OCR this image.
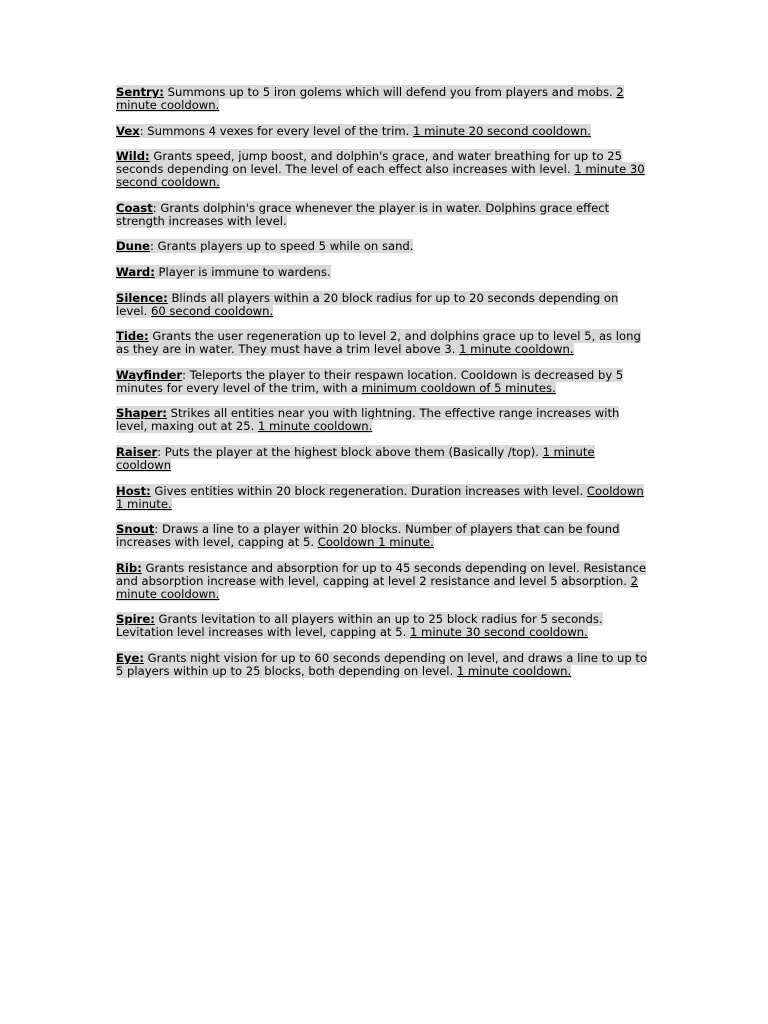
Sentry: Summons up to 5 iron golems which will defend you from players and mobs. 2 minute cooldown.

Vex: Summons 4 vexes for every level of the trim. 1 minute 20 second cooldown.

Wild: Grants speed, jump boost, and dolphin's grace, and water breathing for up to 25 seconds depending on level. The level of each effect also increases with level. 1 minute 30 second cooldown.

Coast: Grants dolphin's grace whenever the player is in water. Dolphins grace effect strength increases with level.

Dune: Grants players up to speed 5 while on sand.

Ward: Player is immune to wardens.

Silence: Blinds all players within a 20 block radius for up to 20 seconds depending on level. 60 second cooldown.

Tide: Grants the user regeneration up to level 2, and dolphins grace up to level 5, as long as they are in water. They must have a trim level above 3. 1 minute cooldown.

Wayfinder: Teleports the player to their respawn location. Cooldown is decreased by 5 minutes for every level of the trim, with a minimum cooldown of 5 minutes.

Shaper: Strikes all entities near you with lightning. The effective range increases with level, maxing out at 25. 1 minute cooldown.

Raiser: Puts the player at the highest block above them (Basically /top). 1 minute cooldown

Host: Gives entities within 20 block regeneration. Duration increases with level. Cooldown 1 minute.

Snout: Draws a line to a player within 20 blocks. Number of players that can be found increases with level, capping at 5. Cooldown 1 minute.

Rib: Grants resistance and absorption for up to 45 seconds depending on level. Resistance and absorption increase with level, capping at level 2 resistance and level 5 absorption. 2 minute cooldown.

Spire: Grants levitation to all players within an up to 25 block radius for 5 seconds. Levitation level increases with level, capping at 5. 1 minute 30 second cooldown.

Eye: Grants night vision for up to 60 seconds depending on level, and draws a line to up to 5 players within up to 25 blocks, both depending on level. 1 minute cooldown.
